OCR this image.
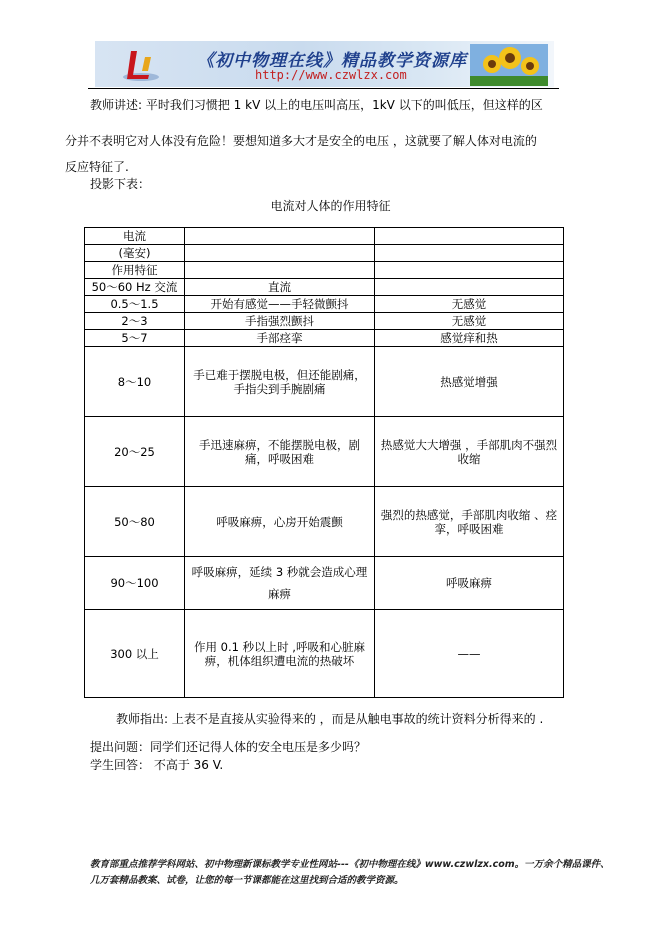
《初中物理在线》精品教学资源库
http://www.czwlzx.com
教师讲述: 平时我们习惯把 1 kV 以上的电压叫高压，1kV 以下的叫低压，但这样的区
分并不表明它对人体没有危险！要想知道多大才是安全的电压 ，这就要了解人体对电流的
反应特征了.
投影下表：
电流对人体的作用特征
电流		
(毫安)		
作用特征		
50～60 Hz 交流	直流	
0.5～1.5	开始有感觉——手轻微颤抖	无感觉
2～3	手指强烈颤抖	无感觉
5～7	手部痉挛	感觉痒和热
8～10	手已难于摆脱电极，但还能剧痛，手指尖到手腕剧痛	热感觉增强
20～25	手迅速麻痹，不能摆脱电极，剧痛，呼吸困难	热感觉大大增强 ，手部肌肉不强烈收缩
50～80	呼吸麻痹，心房开始震颤	强烈的热感觉，手部肌肉收缩 、痉挛，呼吸困难
90～100	呼吸麻痹，延续 3 秒就会造成心理麻痹	呼吸麻痹
300 以上	作用 0.1 秒以上时 ,呼吸和心脏麻痹，机体组织遭电流的热破坏	——
教师指出: 上表不是直接从实验得来的 ，而是从触电事故的统计资料分析得来的 .
提出问题：同学们还记得人体的安全电压是多少吗？
学生回答： 不高于 36 V.
教育部重点推荐学科网站、初中物理新课标教学专业性网站---《初中物理在线》www.czwlzx.com。一万余个精品课件、
几万套精品教案、试卷，让您的每一节课都能在这里找到合适的教学资源。
